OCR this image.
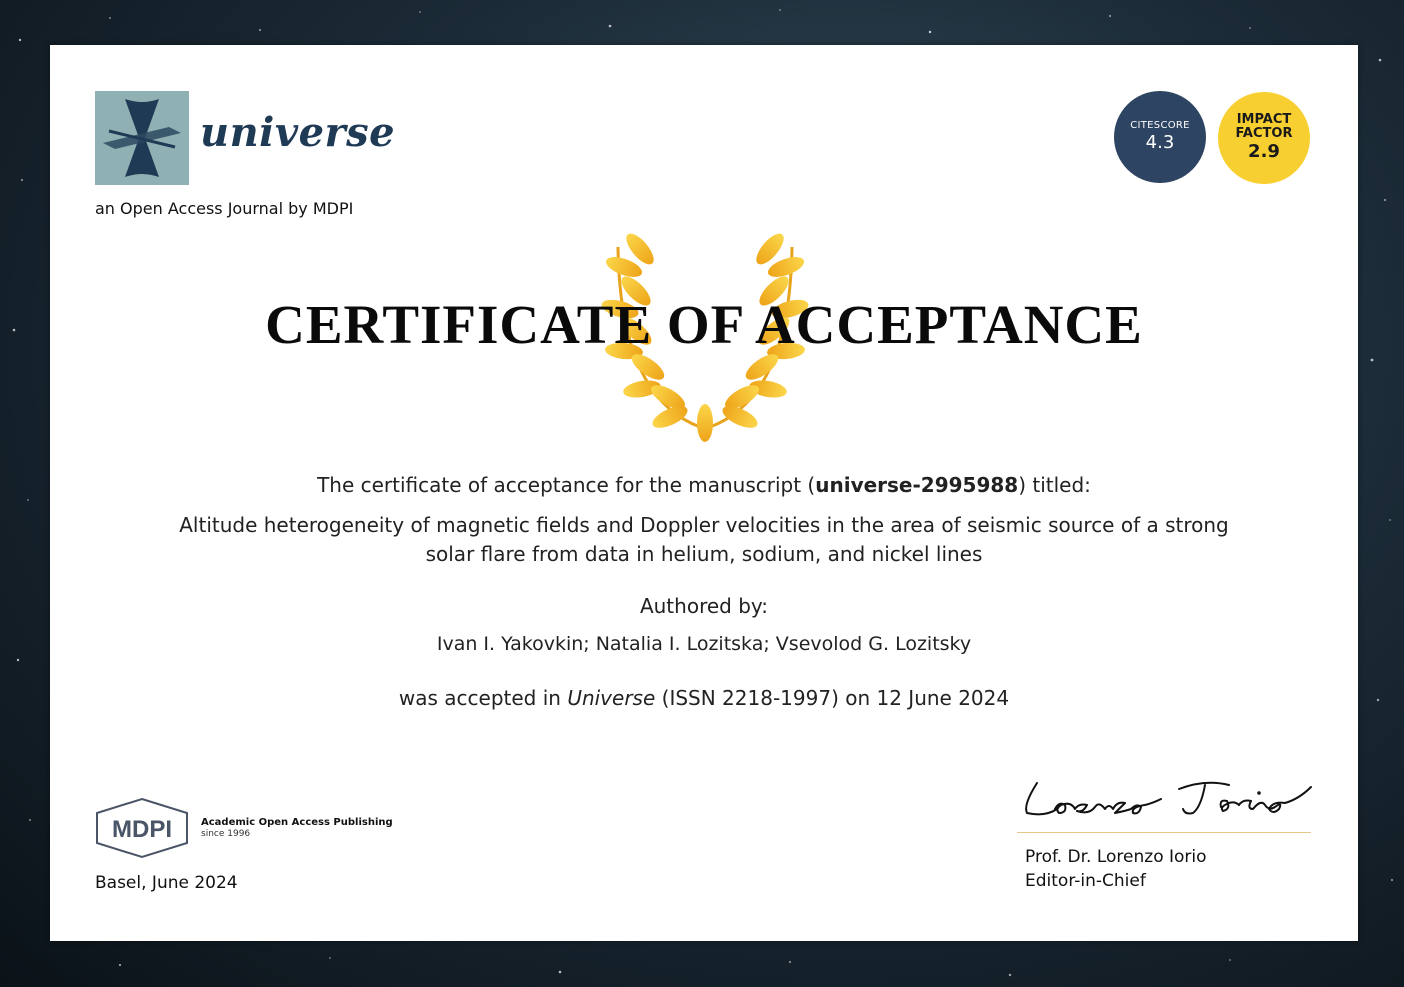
universe
an Open Access Journal by MDPI
CITESCORE
4.3
IMPACT
FACTOR
2.9
CERTIFICATE OF ACCEPTANCE
The certificate of acceptance for the manuscript (universe-2995988) titled:
Altitude heterogeneity of magnetic fields and Doppler velocities in the area of seismic source of a strong
solar flare from data in helium, sodium, and nickel lines
Authored by:
Ivan I. Yakovkin; Natalia I. Lozitska; Vsevolod G. Lozitsky
was accepted in Universe (ISSN 2218-1997) on 12 June 2024
MDPI	Academic Open Access Publishing
since 1996
Basel, June 2024
Prof. Dr. Lorenzo Iorio
Editor-in-Chief
